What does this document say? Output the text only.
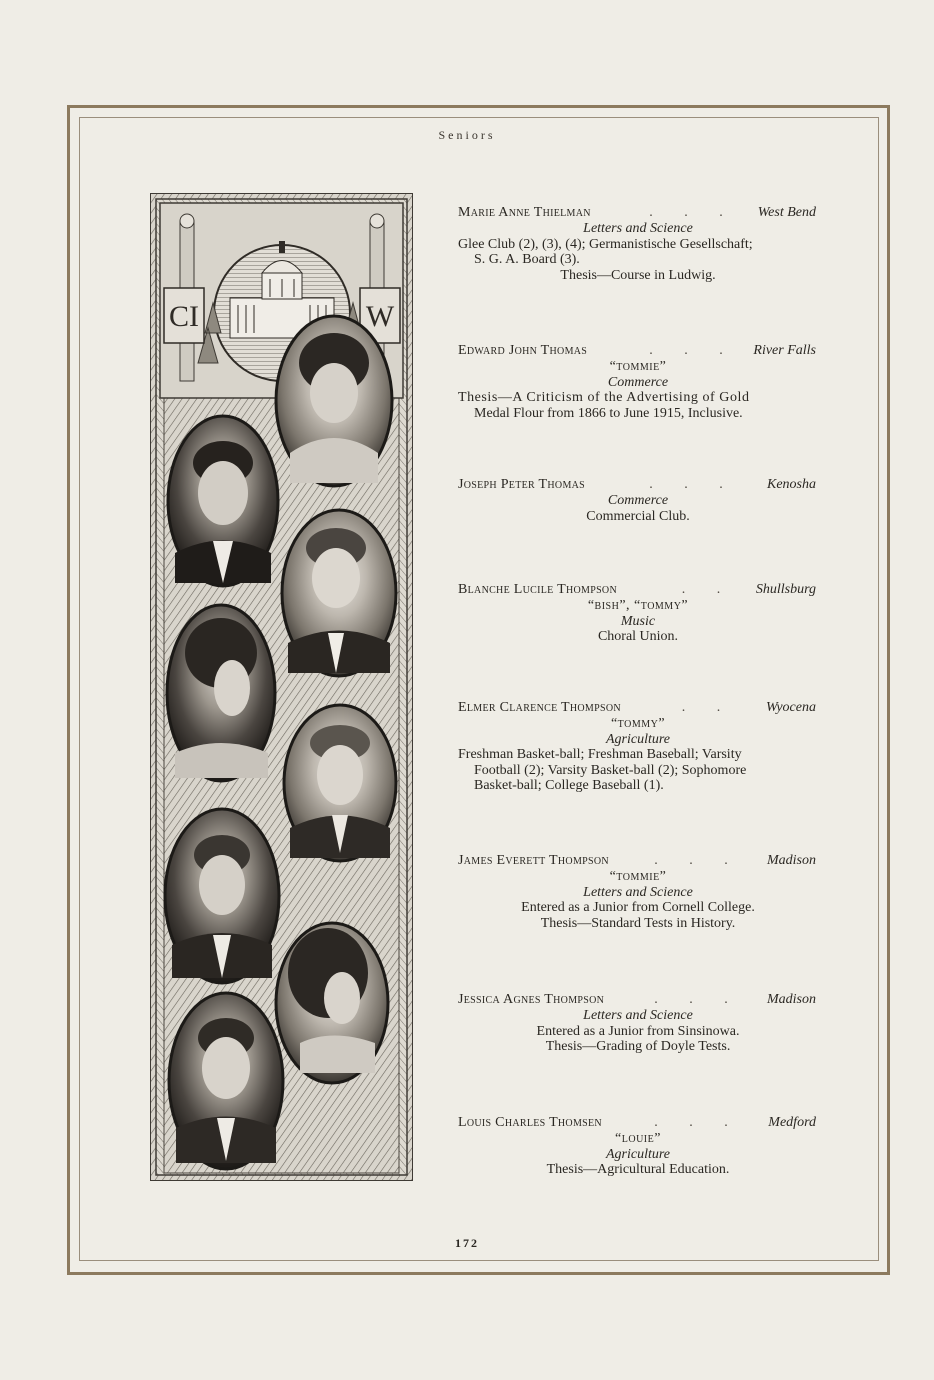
Seniors
CI	W
Marie Anne Thielman	. . . West Bend
Letters and Science
Glee Club (2), (3), (4); Germanistische Gesellschaft;
S. G. A. Board (3).
Thesis—Course in Ludwig.
Edward John Thomas	. . . River Falls
“tommie”
Commerce
Thesis—A Criticism of the Advertising of Gold
Medal Flour from 1866 to June 1915, Inclusive.
Joseph Peter Thomas	. . . Kenosha
Commerce
Commercial Club.
Blanche Lucile Thompson	. .	Shullsburg
“bish”, “tommy”
Music
Choral Union.
Elmer Clarence Thompson	. .	Wyocena
“tommy”
Agriculture
Freshman Basket-ball; Freshman Baseball; Varsity
Football (2); Varsity Basket-ball (2); Sophomore
Basket-ball; College Baseball (1).
James Everett Thompson	. . . Madison
“tommie”
Letters and Science
Entered as a Junior from Cornell College.
Thesis—Standard Tests in History.
Jessica Agnes Thompson	. . . Madison
Letters and Science
Entered as a Junior from Sinsinowa.
Thesis—Grading of Doyle Tests.
Louis Charles Thomsen	. . . Medford
“louie”
Agriculture
Thesis—Agricultural Education.
172
